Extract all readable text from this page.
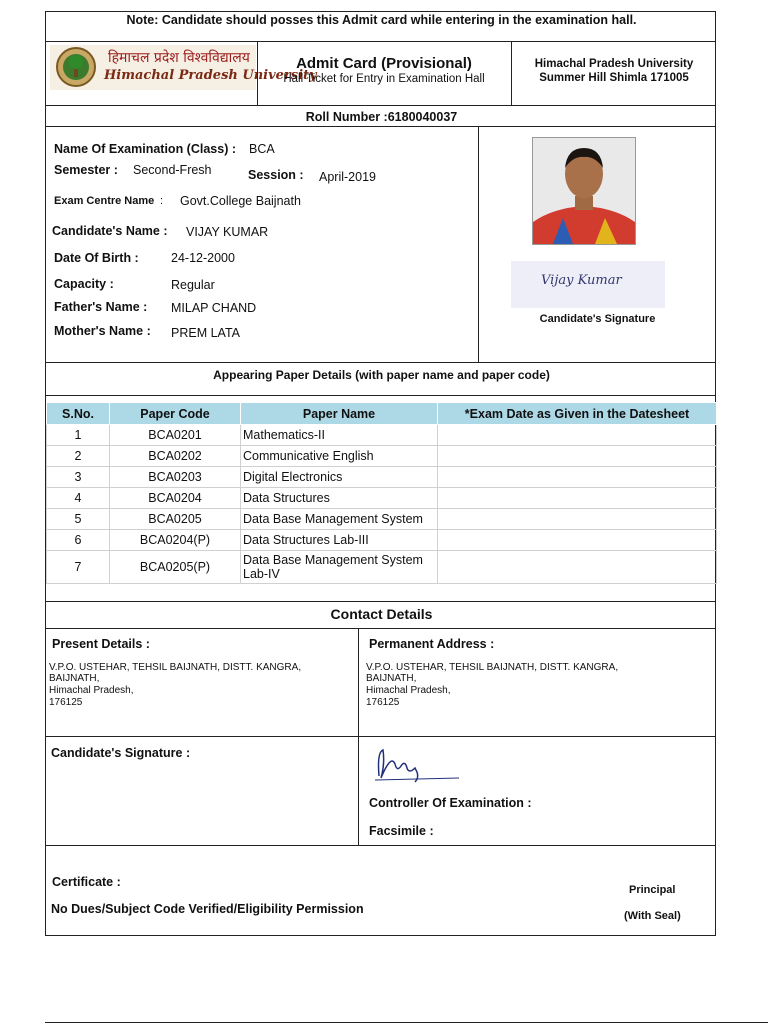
Note: Candidate should posses this Admit card while entering in the examination hall.
हिमाचल प्रदेश विश्वविद्यालय
Himachal Pradesh University
Admit Card (Provisional)
Hall Ticket for Entry in Examination Hall
Himachal Pradesh University
Summer Hill Shimla 171005
Roll Number :6180040037
Name Of Examination (Class) : BCA
Semester : Second-Fresh	Session : April-2019
Exam Centre Name : Govt.College Baijnath
Candidate's Name : VIJAY KUMAR
Date Of Birth :	24-12-2000
Capacity :	Regular
Father's Name : MILAP CHAND
Mother's Name : PREM LATA
Vijay Kumar
Candidate's Signature
Appearing Paper Details (with paper name and paper code)
S.No.	Paper Code	Paper Name	*Exam Date as Given in the Datesheet
1	BCA0201	Mathematics-II	
2	BCA0202	Communicative English	
3	BCA0203	Digital Electronics	
4	BCA0204	Data Structures	
5	BCA0205	Data Base Management System	
6	BCA0204(P)	Data Structures Lab-III	
7	BCA0205(P)	Data Base Management System Lab-IV	
Contact Details
Present Details :
V.P.O. USTEHAR, TEHSIL BAIJNATH, DISTT. KANGRA,
BAIJNATH,
Himachal Pradesh,
176125
Permanent Address :
V.P.O. USTEHAR, TEHSIL BAIJNATH, DISTT. KANGRA,
BAIJNATH,
Himachal Pradesh,
176125
Candidate's Signature :
Controller Of Examination :
Facsimile :
Certificate :
No Dues/Subject Code Verified/Eligibility Permission
Principal
(With Seal)
